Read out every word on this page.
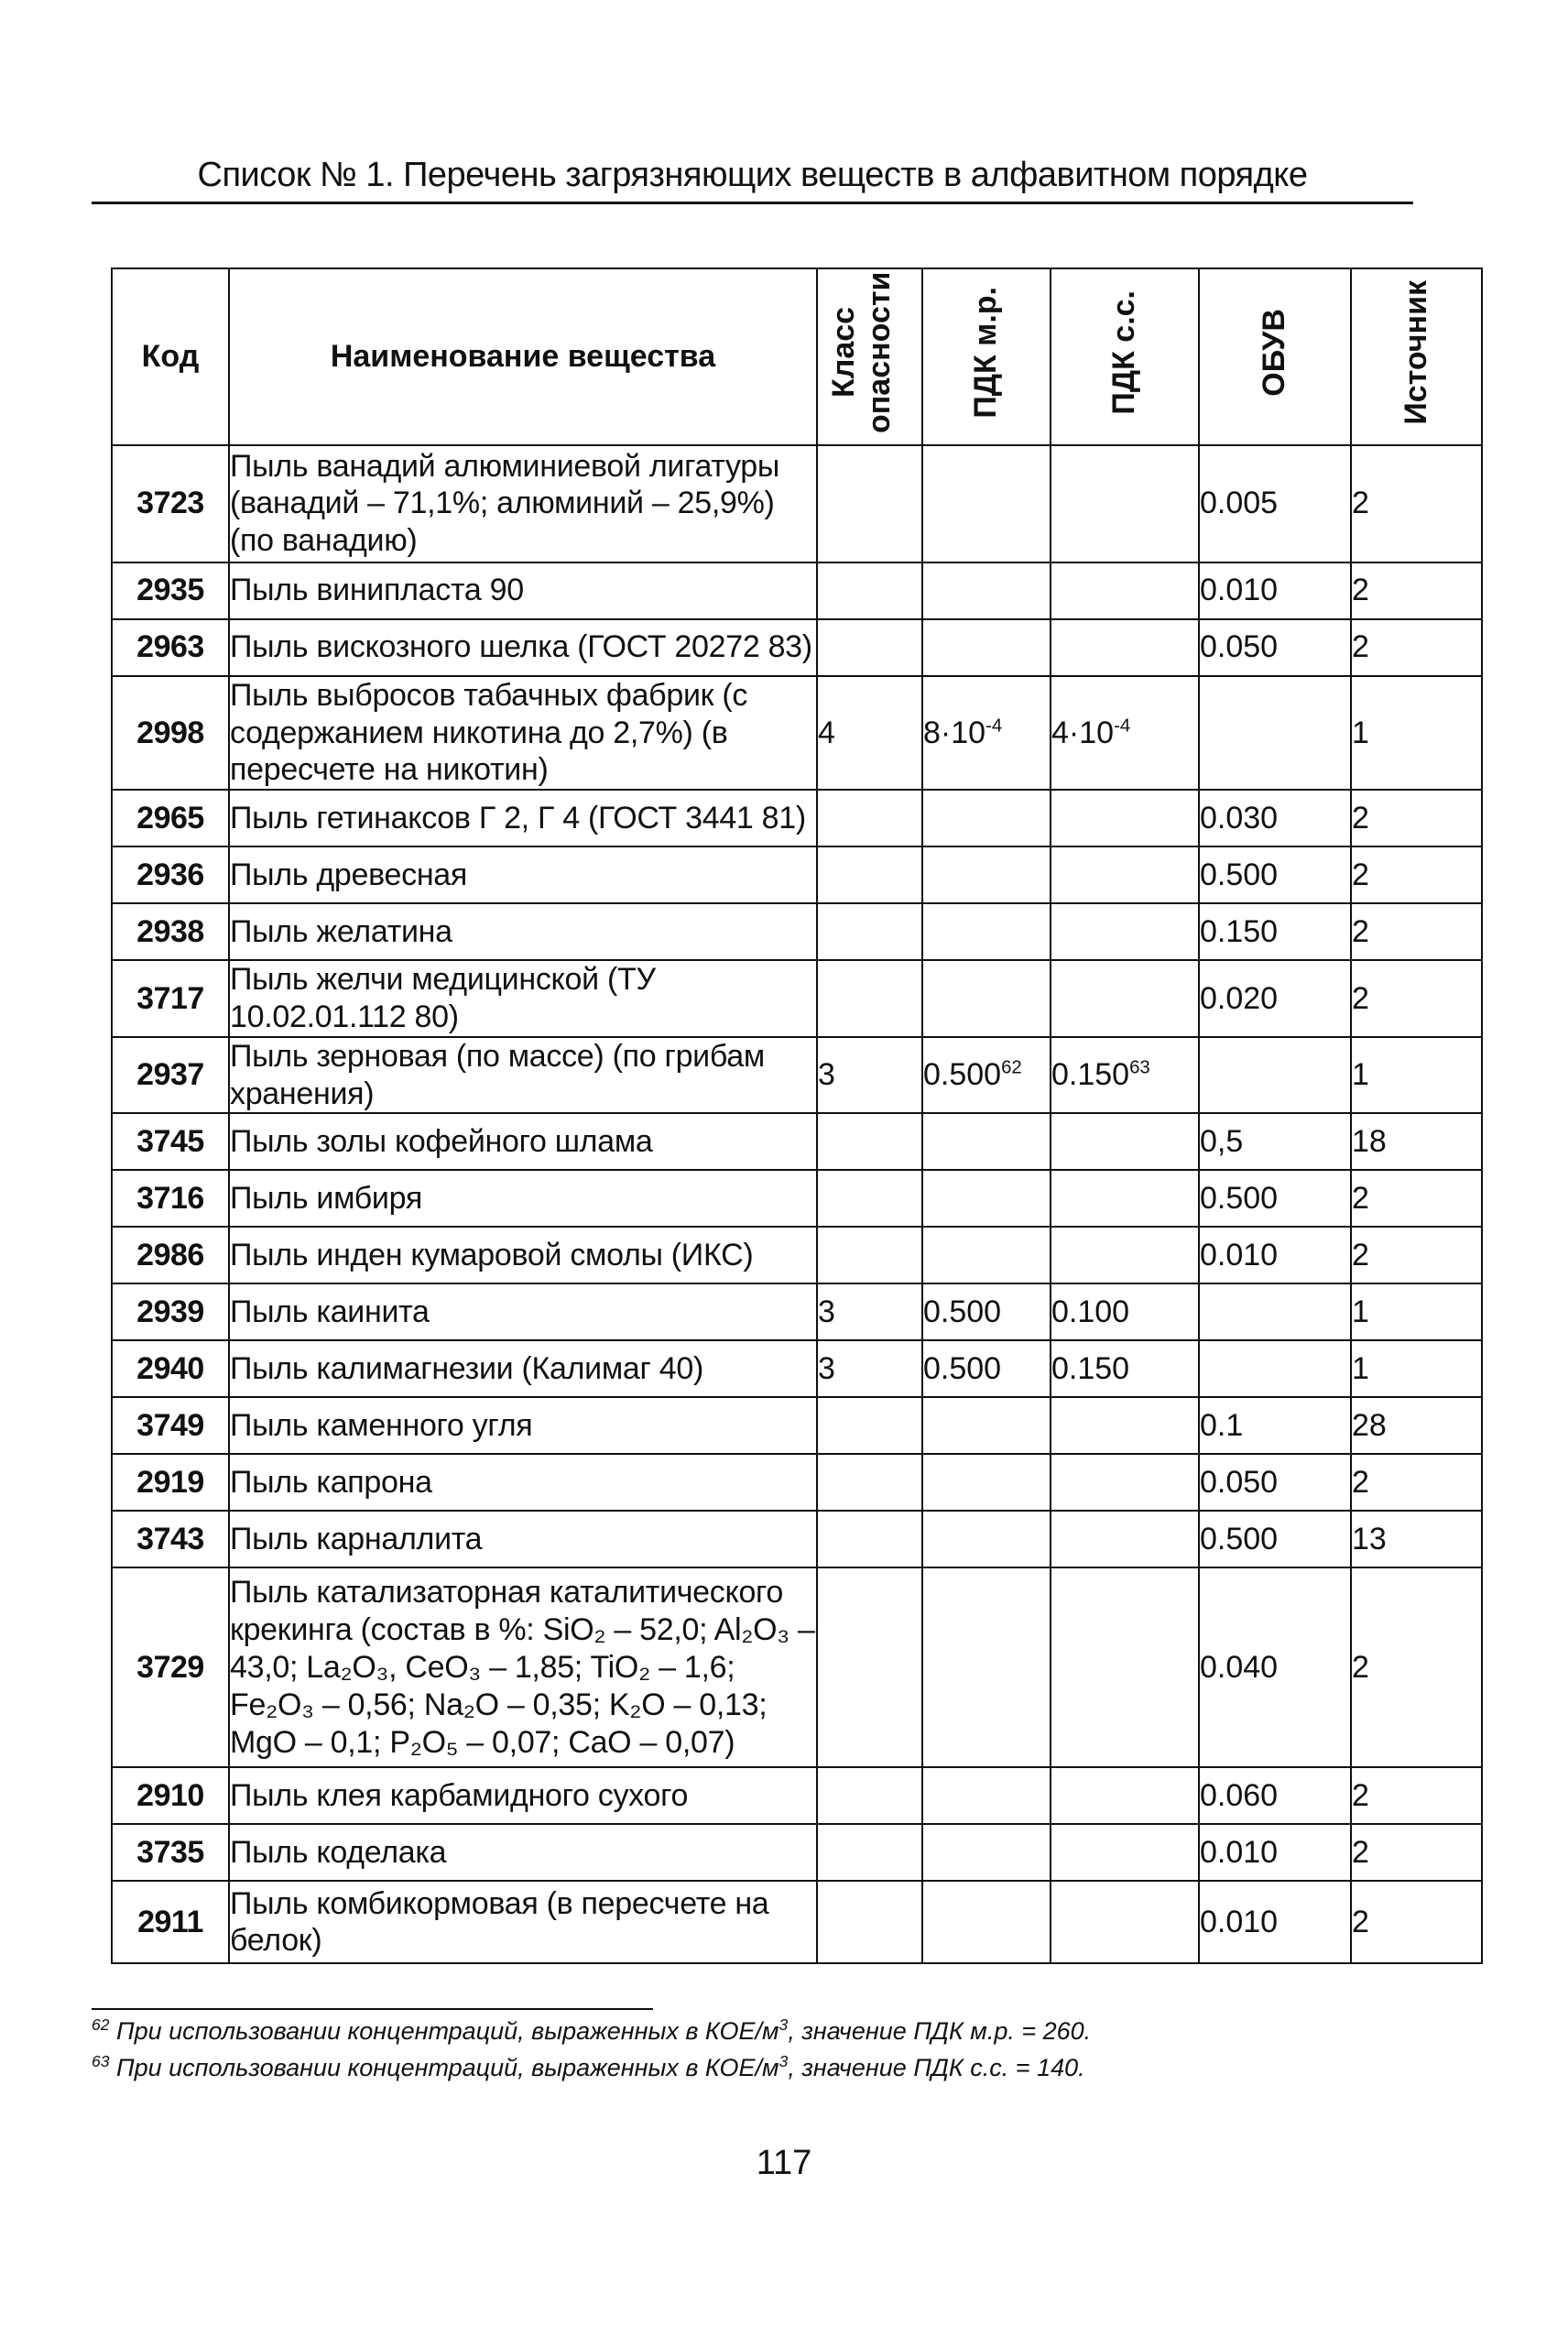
Список № 1. Перечень загрязняющих веществ в алфавитном порядке
Код	Наименование вещества	Класс опасности	ПДК м.р.	ПДК с.с.	ОБУВ	Источник
3723	Пыль ванадий алюминиевой лигатуры (ванадий – 71,1%; алюминий – 25,9%) (по ванадию)				0.005	2
2935	Пыль винипласта 90				0.010	2
2963	Пыль вискозного шелка (ГОСТ 20272 83)				0.050	2
2998	Пыль выбросов табачных фабрик (с содержанием никотина до 2,7%) (в пересчете на никотин)	4	$8\cdot 10^{-4}$	$4\cdot 10^{-4}$		1
2965	Пыль гетинаксов Г 2, Г 4 (ГОСТ 3441 81)				0.030	2
2936	Пыль древесная				0.500	2
2938	Пыль желатина				0.150	2
3717	Пыль желчи медицинской (ТУ 10.02.01.112 80)				0.020	2
2937	Пыль зерновая (по массе) (по грибам хранения)	3	0.500$^{62}$	0.150$^{63}$		1
3745	Пыль золы кофейного шлама				0,5	18
3716	Пыль имбиря				0.500	2
2986	Пыль инден кумаровой смолы (ИКС)				0.010	2
2939	Пыль каинита	3	0.500	0.100		1
2940	Пыль калимагнезии (Калимаг 40)	3	0.500	0.150		1
3749	Пыль каменного угля				0.1	28
2919	Пыль капрона				0.050	2
3743	Пыль карналлита				0.500	13
3729	Пыль катализаторная каталитического крекинга (состав в %: SiO₂ – 52,0; Al₂O₃ – 43,0; La₂O₃, CeO₃ – 1,85; TiO₂ – 1,6; Fe₂O₃ – 0,56; Na₂O – 0,35; K₂O – 0,13; MgO – 0,1; P₂O₅ – 0,07; CaO – 0,07)				0.040	2
2910	Пыль клея карбамидного сухого				0.060	2
3735	Пыль коделака				0.010	2
2911	Пыль комбикормовая (в пересчете на белок)				0.010	2
$^{62}$ При использовании концентраций, выраженных в КОЕ/$м^3$, значение ПДК м.р. = 260.
$^{63}$ При использовании концентраций, выраженных в КОЕ/$м^3$, значение ПДК с.с. = 140.
117
